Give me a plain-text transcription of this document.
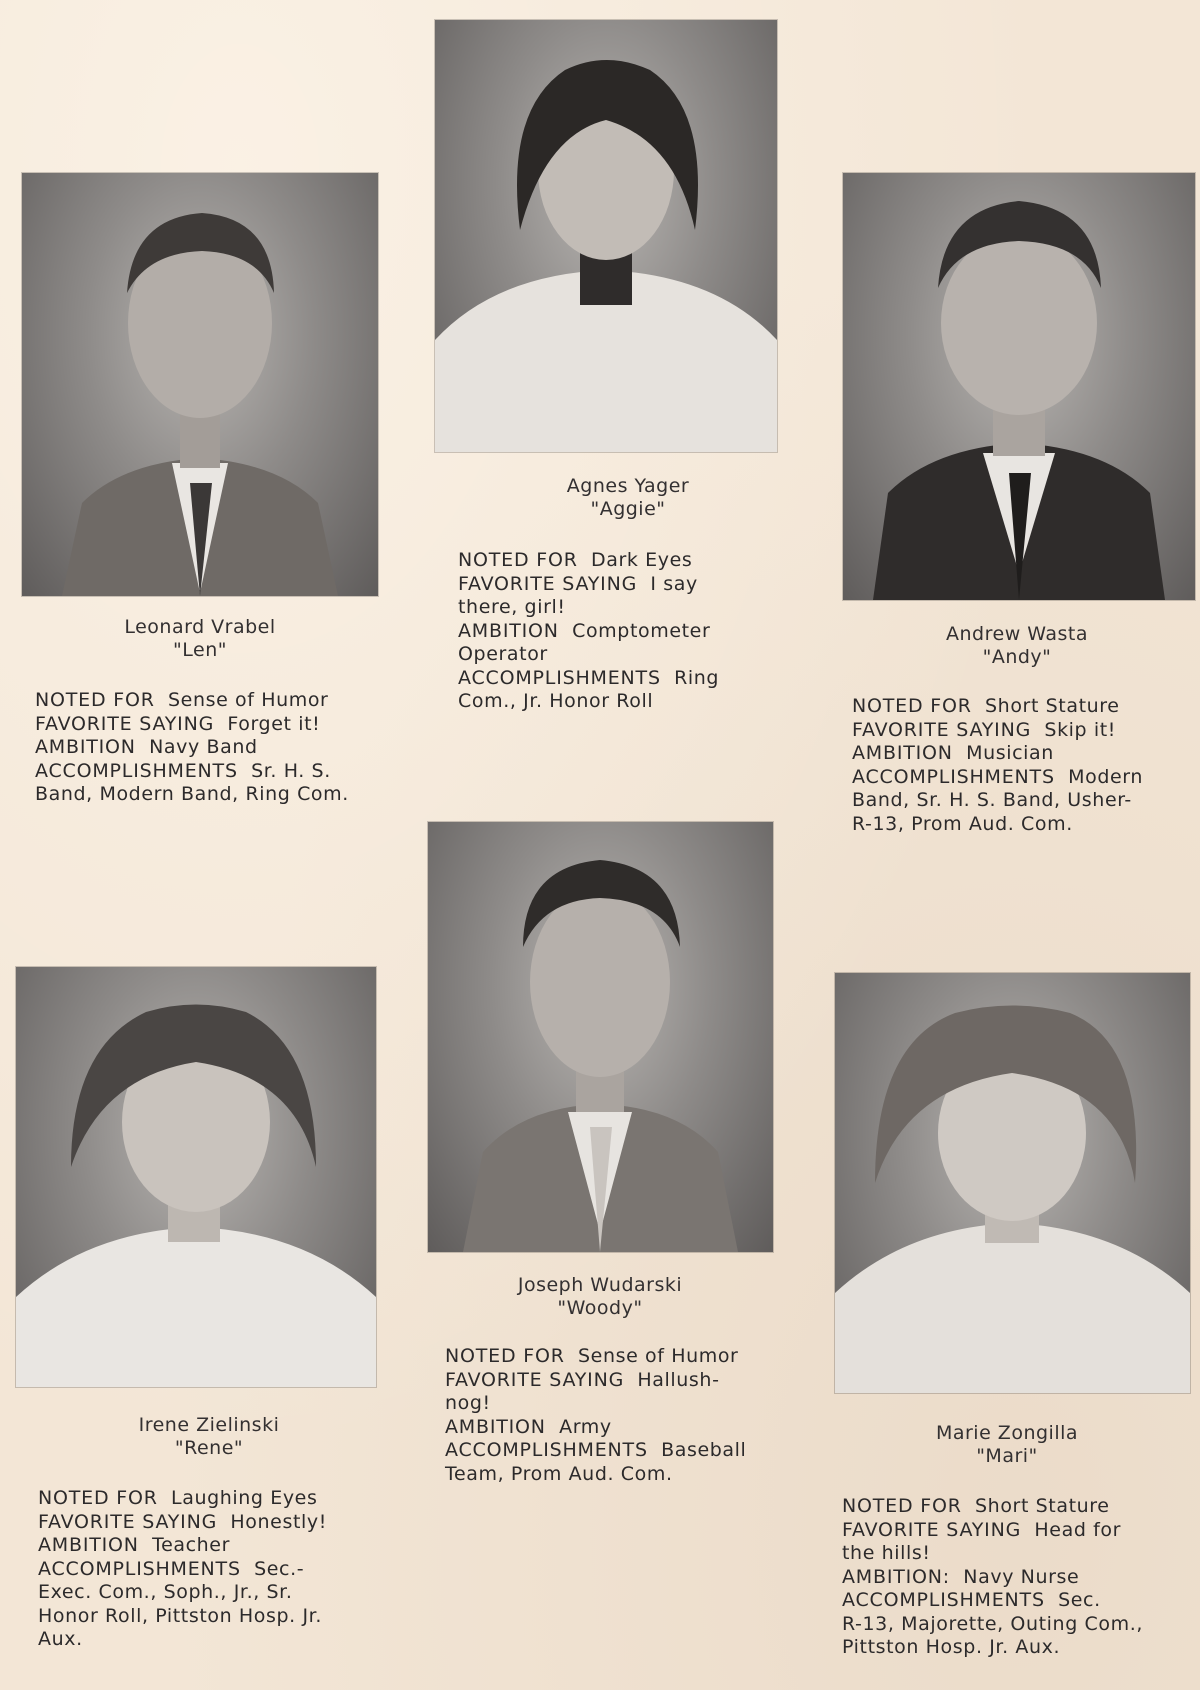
Leonard Vrabel
"Len"
NOTED FOR Sense of Humor
FAVORITE SAYING Forget it!
AMBITION Navy Band
ACCOMPLISHMENTS Sr. H. S.
Band, Modern Band, Ring Com.
Agnes Yager
"Aggie"
NOTED FOR Dark Eyes
FAVORITE SAYING I say
there, girl!
AMBITION Comptometer
Operator
ACCOMPLISHMENTS Ring
Com., Jr. Honor Roll
Andrew Wasta
"Andy"
NOTED FOR Short Stature
FAVORITE SAYING Skip it!
AMBITION Musician
ACCOMPLISHMENTS Modern
Band, Sr. H. S. Band, Usher-
R-13, Prom Aud. Com.
Joseph Wudarski
"Woody"
NOTED FOR Sense of Humor
FAVORITE SAYING Hallush-
nog!
AMBITION Army
ACCOMPLISHMENTS Baseball
Team, Prom Aud. Com.
Irene Zielinski
"Rene"
NOTED FOR Laughing Eyes
FAVORITE SAYING Honestly!
AMBITION Teacher
ACCOMPLISHMENTS Sec.-
Exec. Com., Soph., Jr., Sr.
Honor Roll, Pittston Hosp. Jr.
Aux.
Marie Zongilla
"Mari"
NOTED FOR Short Stature
FAVORITE SAYING Head for
the hills!
AMBITION: Navy Nurse
ACCOMPLISHMENTS Sec.
R-13, Majorette, Outing Com.,
Pittston Hosp. Jr. Aux.
